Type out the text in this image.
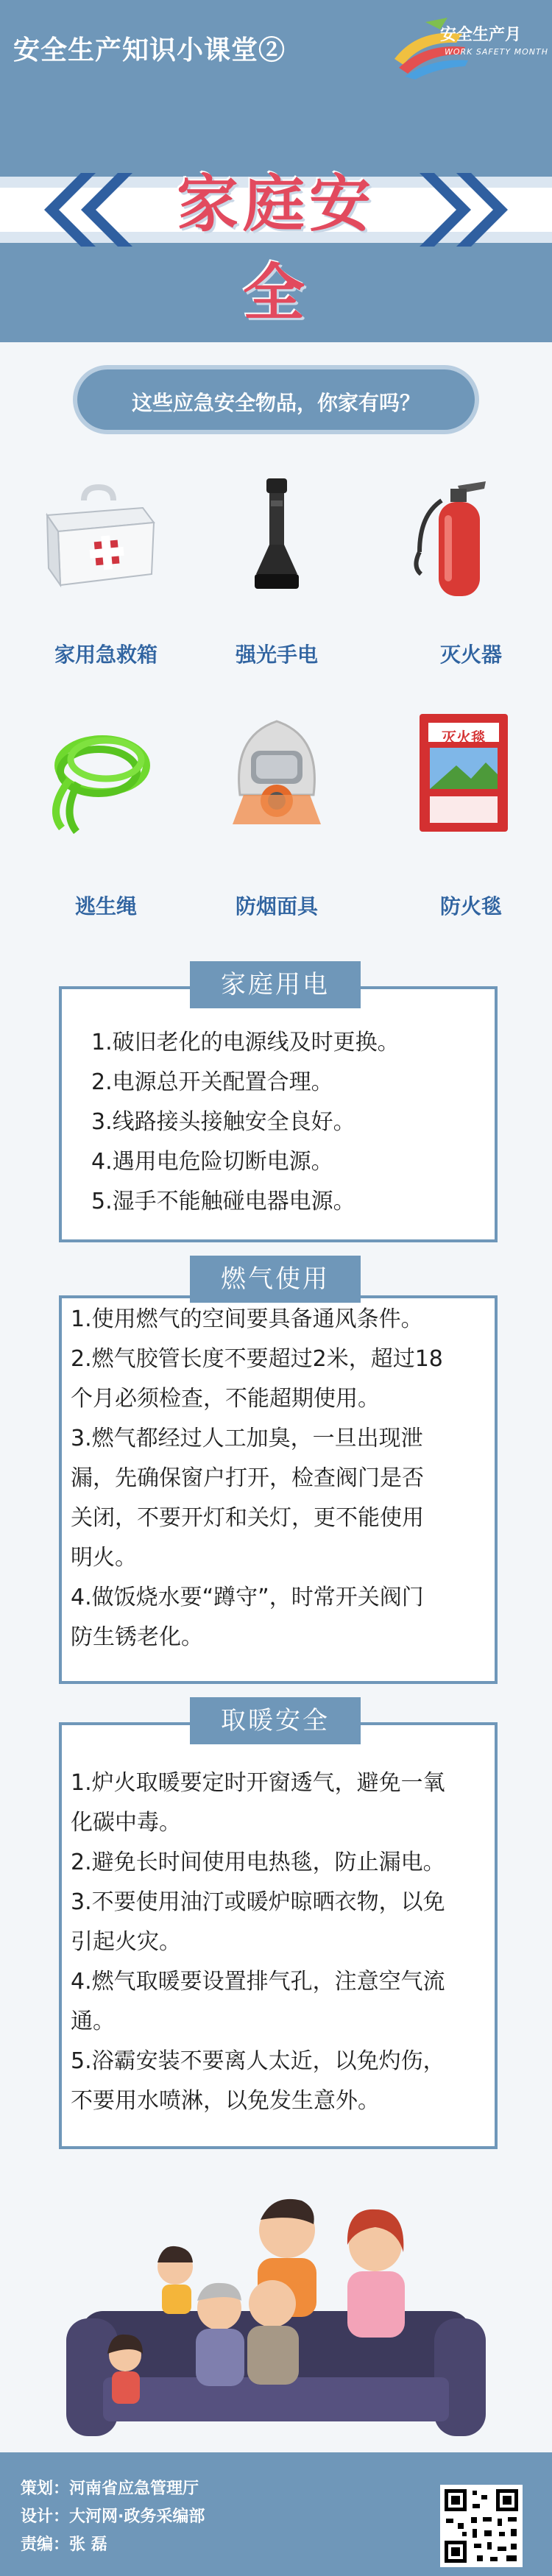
安全生产知识小课堂②	安全生产月
WORK SAFETY MONTH
家庭安全
这些应急安全物品，你家有吗？
家用急救箱	强光手电	灭火器
灭火毯
逃生绳	防烟面具	防火毯
家庭用电
1.破旧老化的电源线及时更换。
2.电源总开关配置合理。
3.线路接头接触安全良好。
4.遇用电危险切断电源。
5.湿手不能触碰电器电源。
燃气使用
1.使用燃气的空间要具备通风条件。
2.燃气胶管长度不要超过2米，超过18
个月必须检查，不能超期使用。
3.燃气都经过人工加臭，一旦出现泄
漏，先确保窗户打开，检查阀门是否
关闭，不要开灯和关灯，更不能使用
明火。
4.做饭烧水要“蹲守”，时常开关阀门
防生锈老化。
取暖安全
1.炉火取暖要定时开窗透气，避免一氧
化碳中毒。
2.避免长时间使用电热毯，防止漏电。
3.不要使用油汀或暖炉晾晒衣物，以免
引起火灾。
4.燃气取暖要设置排气孔，注意空气流
通。
5.浴霸安装不要离人太近，以免灼伤，
不要用水喷淋，以免发生意外。
策划：河南省应急管理厅
设计：大河网·政务采编部
责编：张 磊
